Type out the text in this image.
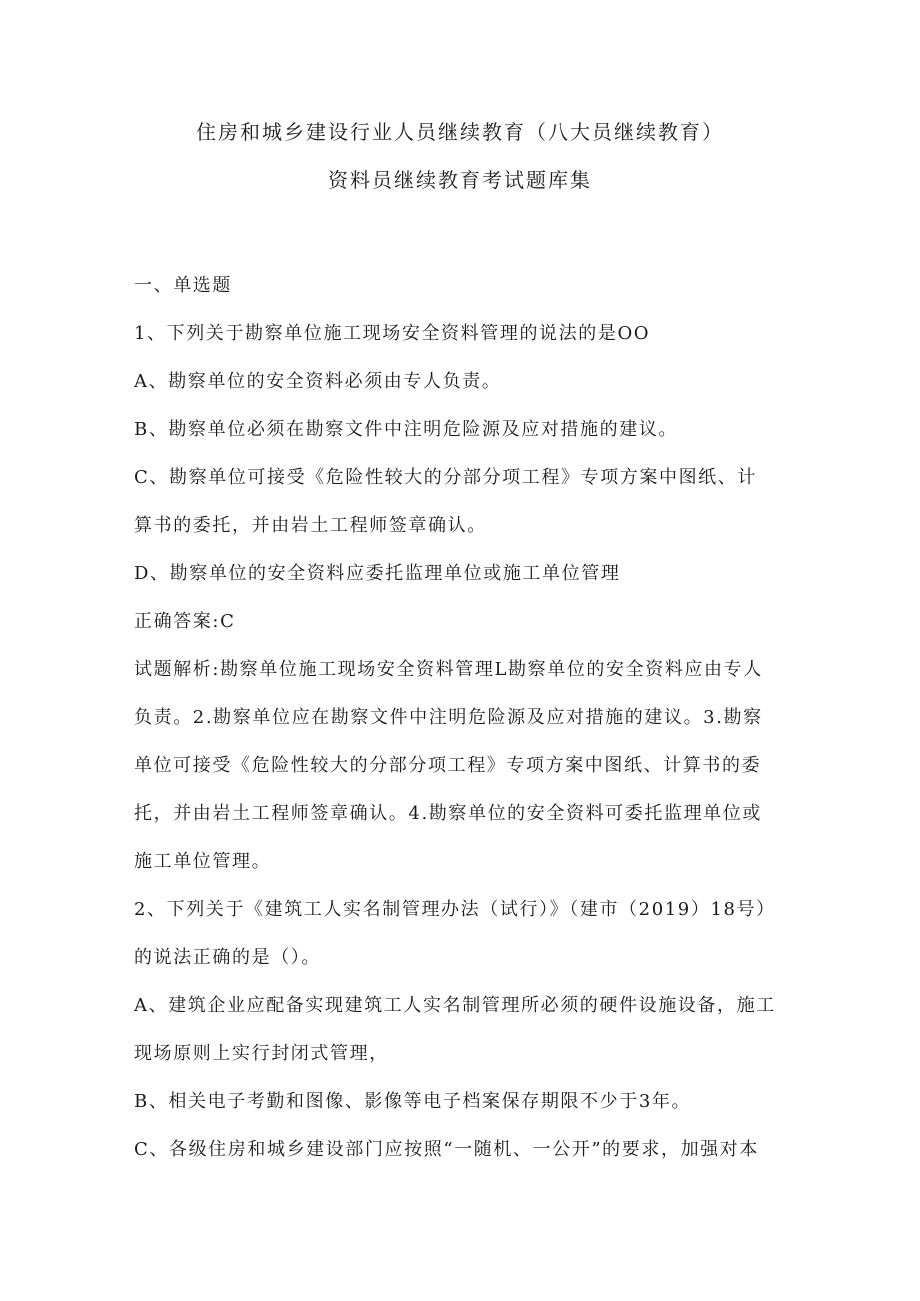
住房和城乡建设行业人员继续教育（八大员继续教育）
资料员继续教育考试题库集
一、单选题
1、下列关于勘察单位施工现场安全资料管理的说法的是OO
A、勘察单位的安全资料必须由专人负责。
B、勘察单位必须在勘察文件中注明危险源及应对措施的建议。
C、勘察单位可接受《危险性较大的分部分项工程》专项方案中图纸、计
算书的委托，并由岩土工程师签章确认。
D、勘察单位的安全资料应委托监理单位或施工单位管理
正确答案:C
试题解析:勘察单位施工现场安全资料管理L勘察单位的安全资料应由专人
负责。2.勘察单位应在勘察文件中注明危险源及应对措施的建议。3.勘察
单位可接受《危险性较大的分部分项工程》专项方案中图纸、计算书的委
托，并由岩土工程师签章确认。4.勘察单位的安全资料可委托监理单位或
施工单位管理。
2、下列关于《建筑工人实名制管理办法（试行）》（建市（2019）18号）
的说法正确的是（）。
A、建筑企业应配备实现建筑工人实名制管理所必须的硬件设施设备，施工
现场原则上实行封闭式管理，
B、相关电子考勤和图像、影像等电子档案保存期限不少于3年。
C、各级住房和城乡建设部门应按照“一随机、一公开”的要求，加强对本
